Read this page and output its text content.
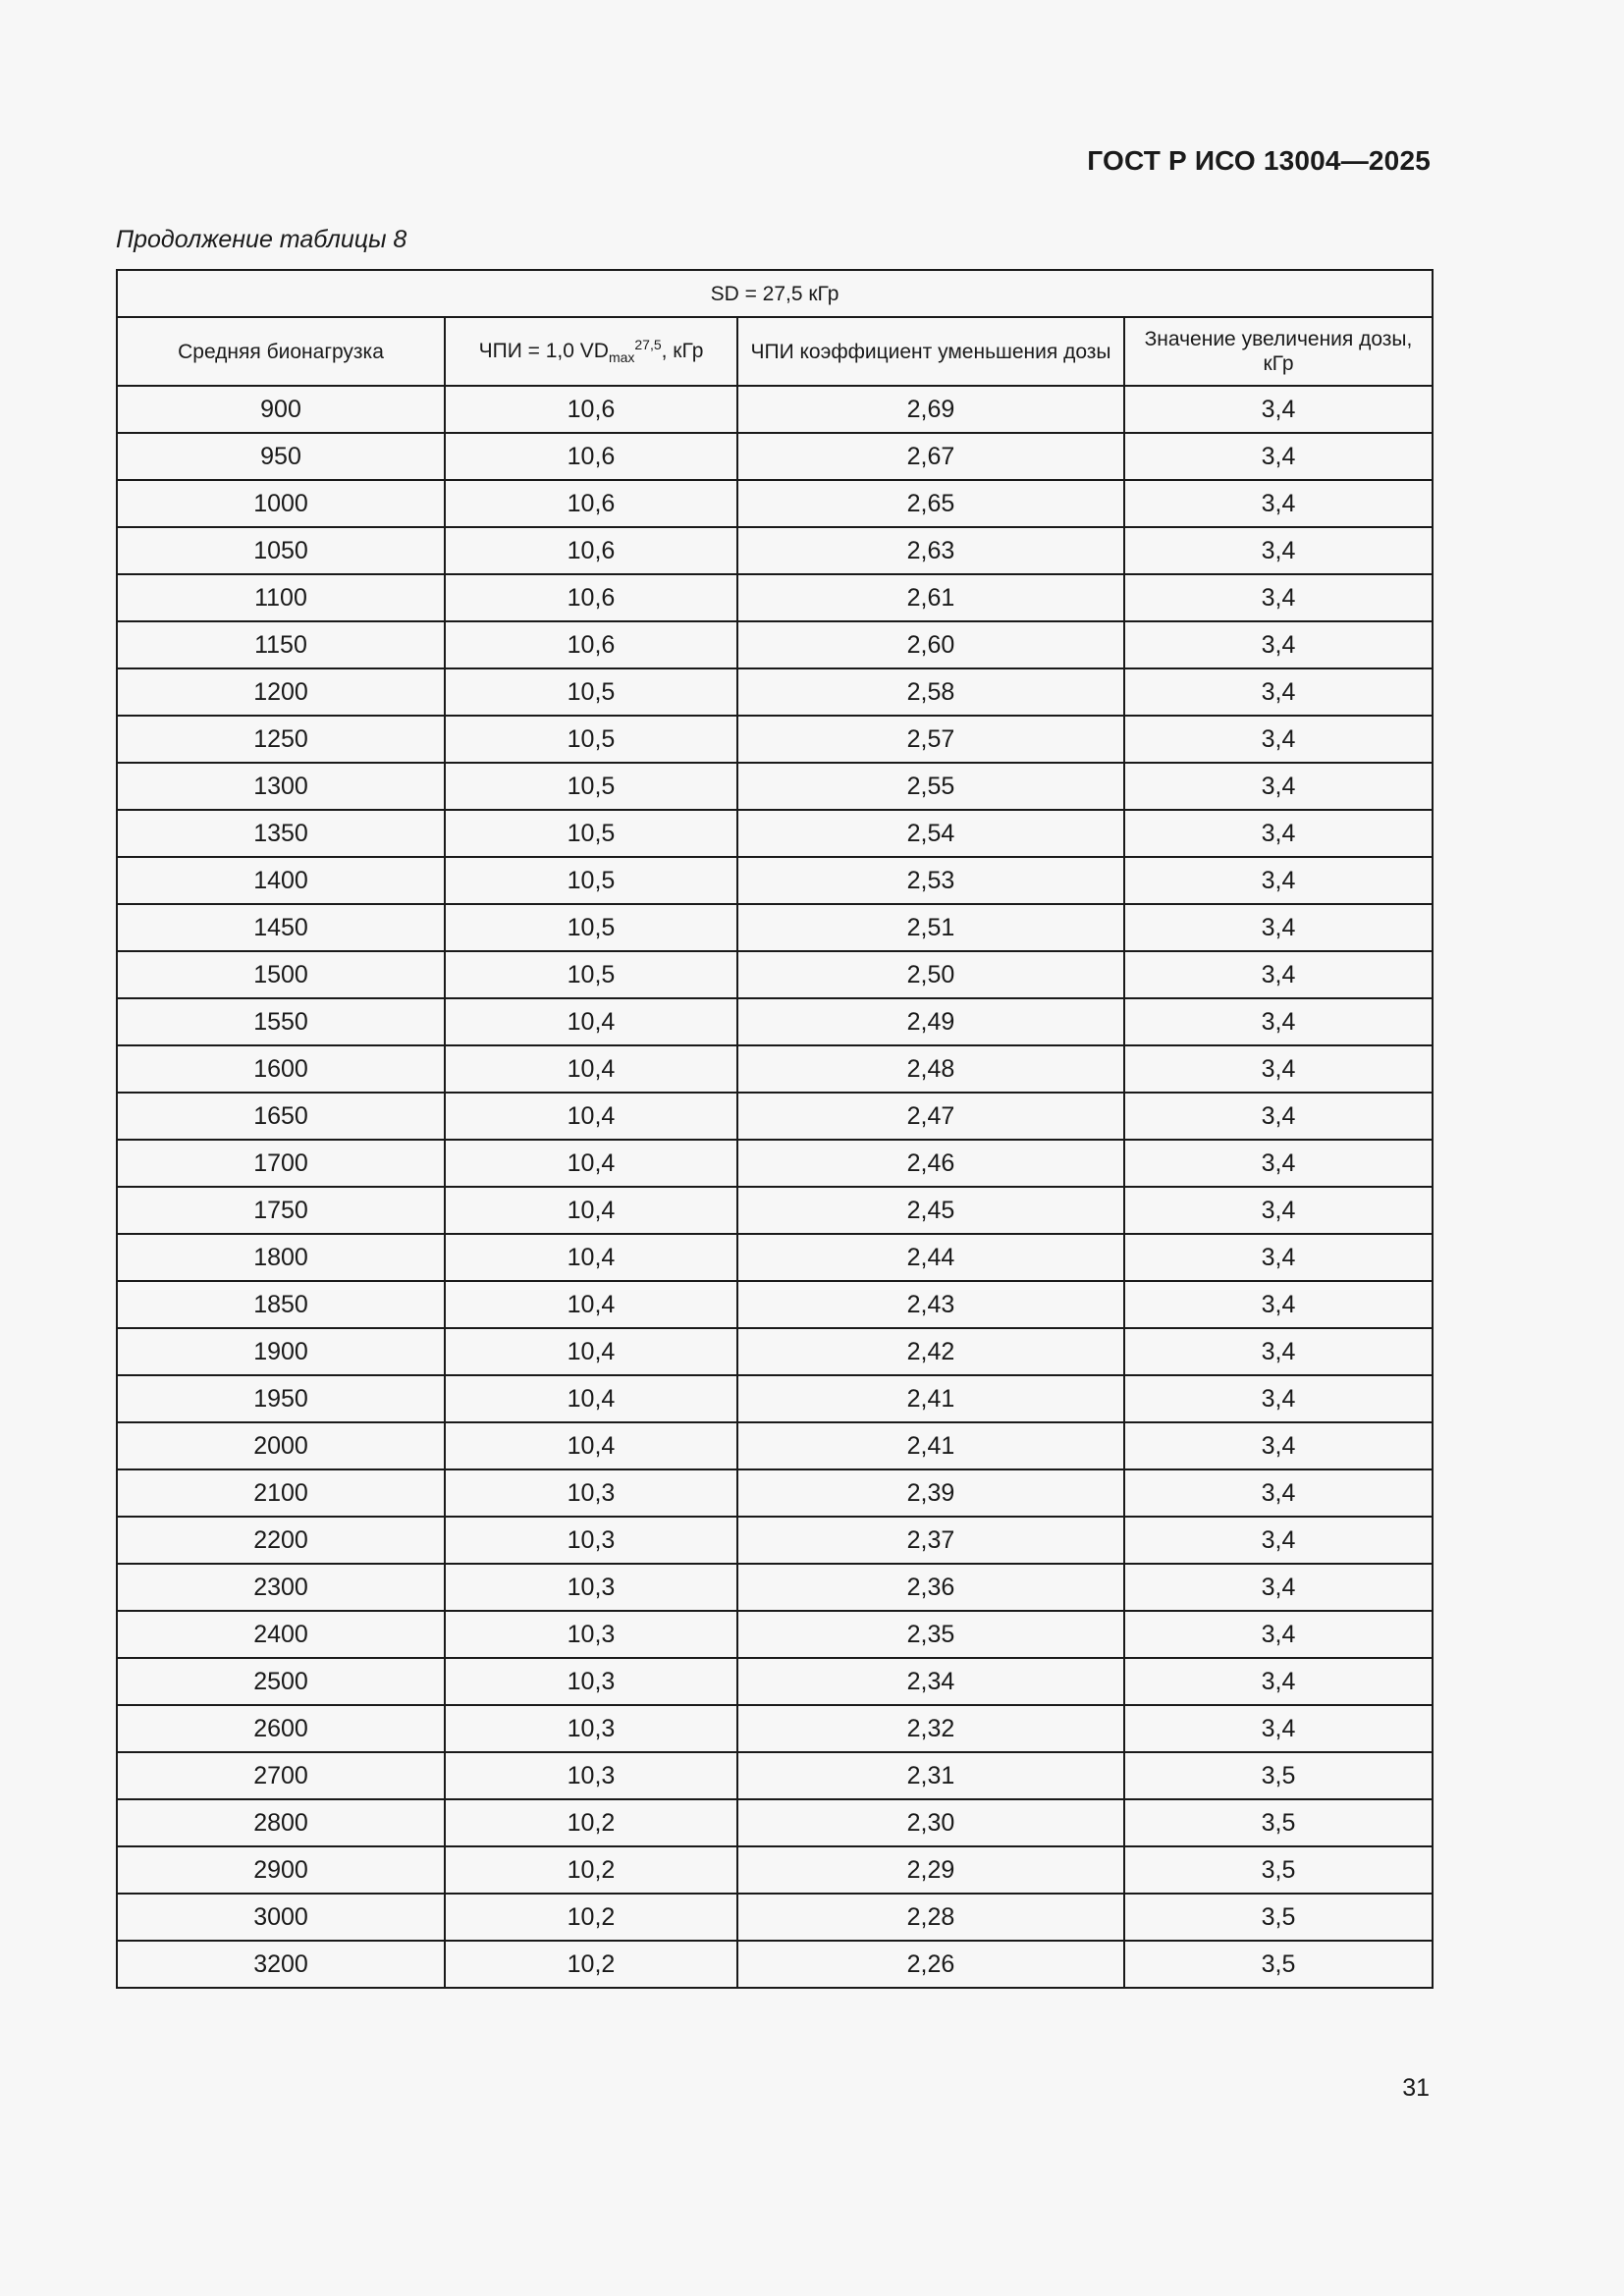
ГОСТ Р ИСО 13004—2025
Продолжение таблицы 8
SD = 27,5 кГр			
Средняя бионагрузка	ЧПИ = 1,0 $VD_{max}^{27,5}$, кГр	ЧПИ коэффициент уменьшения дозы	Значение увеличения дозы, кГр
900	10,6	2,69	3,4
950	10,6	2,67	3,4
1000	10,6	2,65	3,4
1050	10,6	2,63	3,4
1100	10,6	2,61	3,4
1150	10,6	2,60	3,4
1200	10,5	2,58	3,4
1250	10,5	2,57	3,4
1300	10,5	2,55	3,4
1350	10,5	2,54	3,4
1400	10,5	2,53	3,4
1450	10,5	2,51	3,4
1500	10,5	2,50	3,4
1550	10,4	2,49	3,4
1600	10,4	2,48	3,4
1650	10,4	2,47	3,4
1700	10,4	2,46	3,4
1750	10,4	2,45	3,4
1800	10,4	2,44	3,4
1850	10,4	2,43	3,4
1900	10,4	2,42	3,4
1950	10,4	2,41	3,4
2000	10,4	2,41	3,4
2100	10,3	2,39	3,4
2200	10,3	2,37	3,4
2300	10,3	2,36	3,4
2400	10,3	2,35	3,4
2500	10,3	2,34	3,4
2600	10,3	2,32	3,4
2700	10,3	2,31	3,5
2800	10,2	2,30	3,5
2900	10,2	2,29	3,5
3000	10,2	2,28	3,5
3200	10,2	2,26	3,5
31
